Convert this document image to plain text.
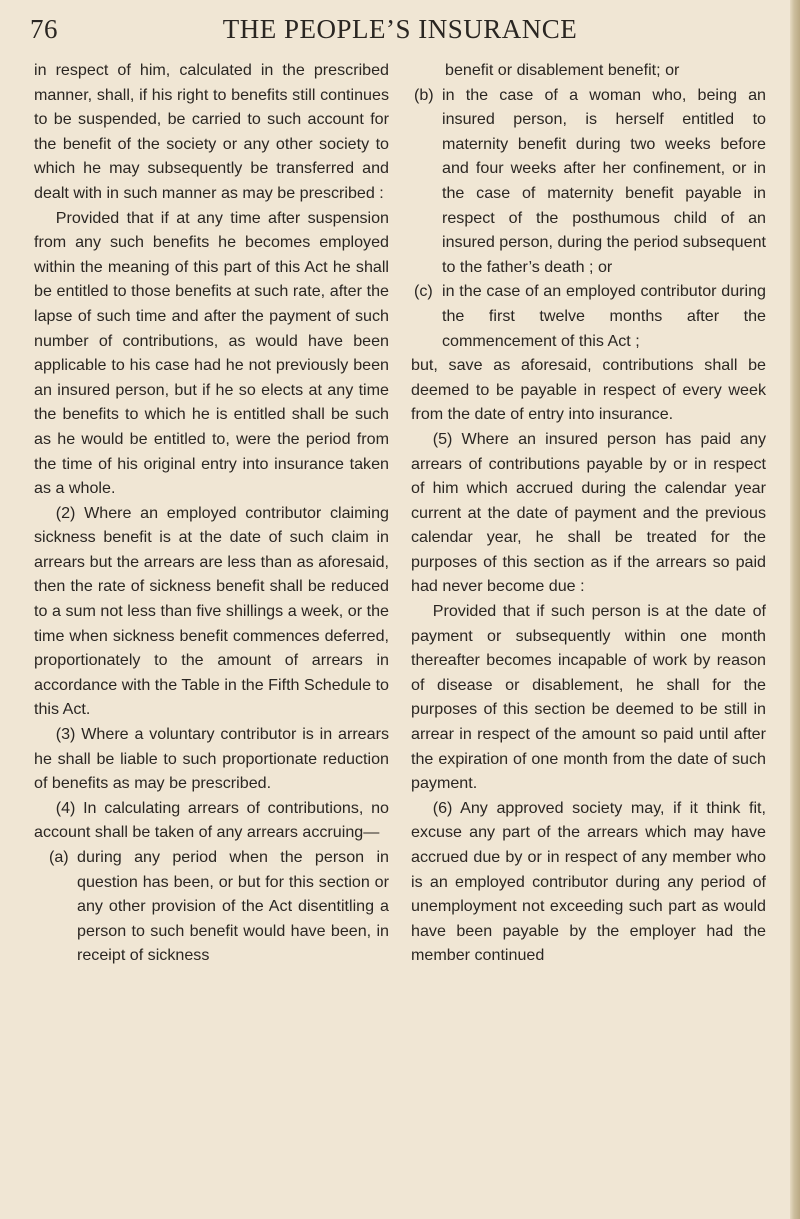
76	THE PEOPLE’S INSURANCE

in respect of him, calculated in the prescribed manner, shall, if his right to benefits still continues to be suspended, be carried to such account for the benefit of the society or any other society to which he may subsequently be transferred and dealt with in such manner as may be prescribed :

Provided that if at any time after suspension from any such benefits he becomes employed within the meaning of this part of this Act he shall be entitled to those benefits at such rate, after the lapse of such time and after the payment of such number of contributions, as would have been applicable to his case had he not previously been an insured person, but if he so elects at any time the benefits to which he is entitled shall be such as he would be entitled to, were the period from the time of his original entry into insurance taken as a whole.

(2) Where an employed contributor claiming sickness benefit is at the date of such claim in arrears but the arrears are less than as aforesaid, then the rate of sickness benefit shall be reduced to a sum not less than five shillings a week, or the time when sickness benefit commences deferred, proportionately to the amount of arrears in accordance with the Table in the Fifth Schedule to this Act.

(3) Where a voluntary contributor is in arrears he shall be liable to such proportionate reduction of benefits as may be prescribed.

(4) In calculating arrears of contributions, no account shall be taken of any arrears accruing—

(a) during any period when the person in question has been, or but for this section or any other provision of the Act disentitling a person to such benefit would have been, in receipt of sickness

benefit or disablement benefit; or

(b) in the case of a woman who, being an insured person, is herself entitled to maternity benefit during two weeks before and four weeks after her confinement, or in the case of maternity benefit payable in respect of the posthumous child of an insured person, during the period subsequent to the father’s death ; or
(c) in the case of an employed contributor during the first twelve months after the commencement of this Act ;

but, save as aforesaid, contributions shall be deemed to be payable in respect of every week from the date of entry into insurance.

(5) Where an insured person has paid any arrears of contributions payable by or in respect of him which accrued during the calendar year current at the date of payment and the previous calendar year, he shall be treated for the purposes of this section as if the arrears so paid had never become due :

Provided that if such person is at the date of payment or subsequently within one month thereafter becomes incapable of work by reason of disease or disablement, he shall for the purposes of this section be deemed to be still in arrear in respect of the amount so paid until after the expiration of one month from the date of such payment.

(6) Any approved society may, if it think fit, excuse any part of the arrears which may have accrued due by or in respect of any member who is an employed contributor during any period of unemployment not exceeding such part as would have been payable by the employer had the member continued
